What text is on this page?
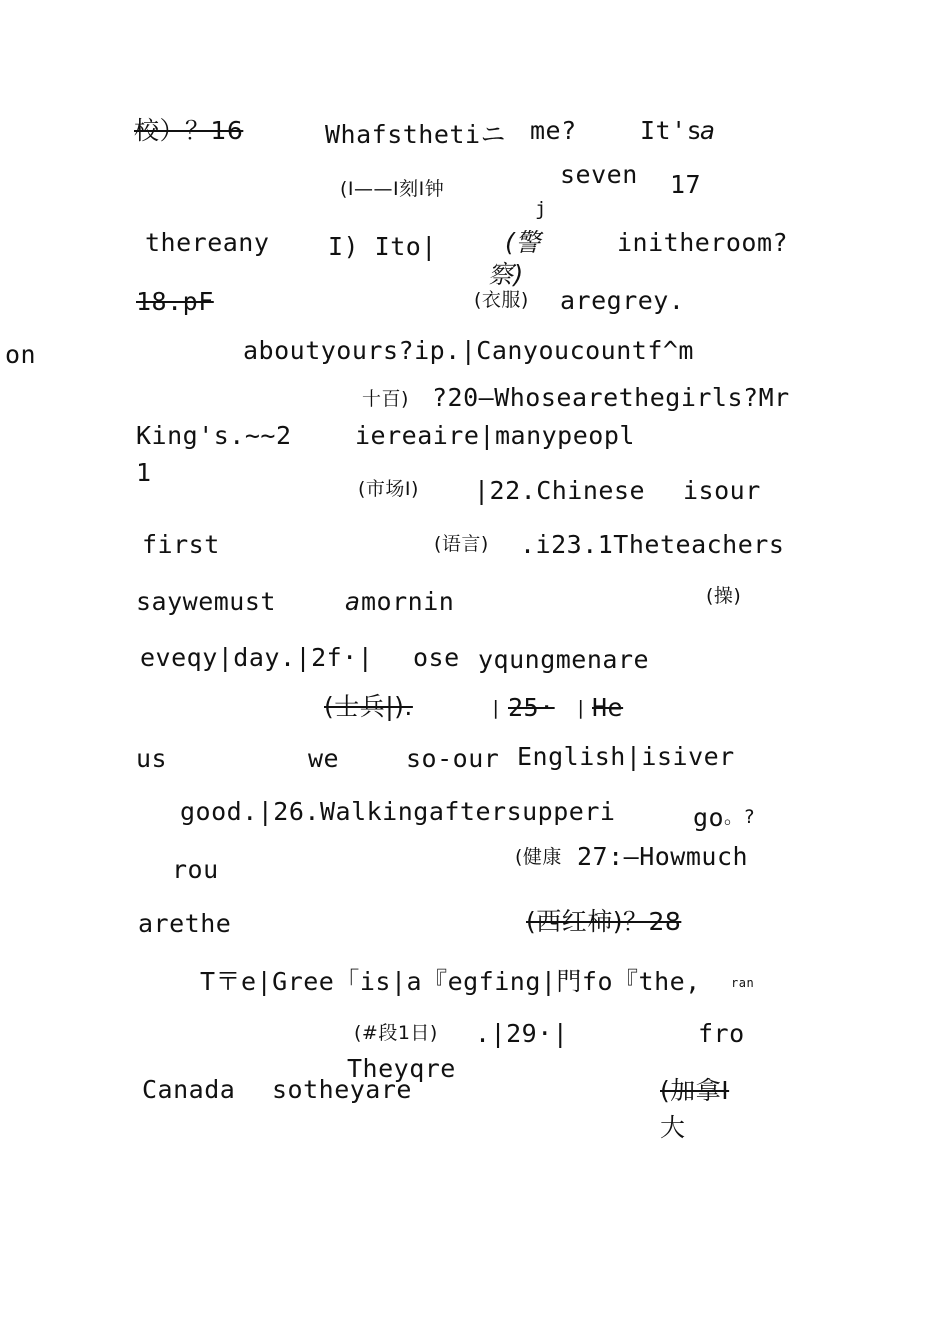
校）？16	Whafsthetiニ me?	It's
a
(I——I刻I钟
j
seven 17
thereany I) Ito|	(警
察)
initheroom?
18.pF	(衣服) aregrey.
on	aboutyours?ip.|Canyoucountf^m
十百) ?20—Whosearethegirls?Mr
King's.~~2	iereaire|manypeopl
1
(市场I) |22.Chinese isour
first	(语言) .i23.1Theteachers
saywemust	a mornin	(操)
eveqy|day.|2f·| ose yqungmenare
(士兵|).	| 25· | He
us	we	so-our English|isiver
good.|26.Walkingaftersupperi	go 。?
rou	(健康 27:—Howmuch
arethe	(西红柿)？28
T〒e|Gree「is|a『egfing|門fo『the,	ran
(#段1日) .|29·|	fro
Theyqre
Canada sotheyare	(加拿I
大
